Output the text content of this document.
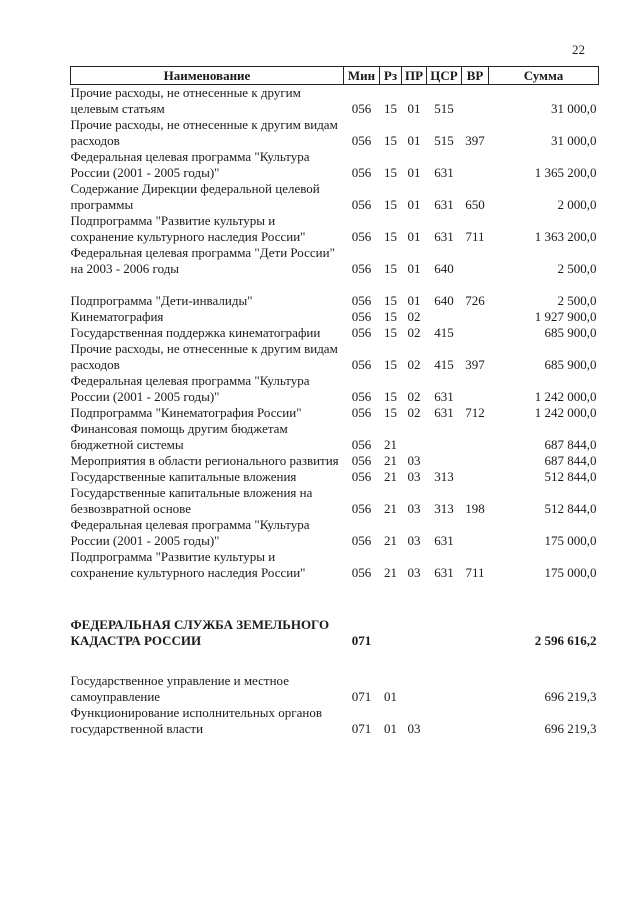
22
Наименование	Мин	Рз	ПР	ЦСР	ВР	Сумма

Прочие расходы, не отнесенные к другим целевым статьям	056	15	01	515		31 000,0

Прочие расходы, не отнесенные к другим видам расходов	056	15	01	515	397	31 000,0

Федеральная целевая программа "Культура России (2001 - 2005 годы)"	056	15	01	631		1 365 200,0

Содержание Дирекции федеральной целевой программы	056	15	01	631	650	2 000,0

Подпрограмма "Развитие культуры и сохранение культурного наследия России"	056	15	01	631	711	1 363 200,0

Федеральная целевая программа "Дети России" на 2003 - 2006 годы	056	15	01	640		2 500,0

Подпрограмма "Дети-инвалиды"	056	15	01	640	726	2 500,0

Кинематография	056	15	02			1 927 900,0

Государственная поддержка кинематографии	056	15	02	415		685 900,0

Прочие расходы, не отнесенные к другим видам расходов	056	15	02	415	397	685 900,0

Федеральная целевая программа "Культура России (2001 - 2005 годы)"	056	15	02	631		1 242 000,0

Подпрограмма "Кинематография России"	056	15	02	631	712	1 242 000,0

Финансовая помощь другим бюджетам бюджетной системы	056	21				687 844,0

Мероприятия в области регионального развития	056	21	03			687 844,0

Государственные капитальные вложения	056	21	03	313		512 844,0

Государственные капитальные вложения на безвозвратной основе	056	21	03	313	198	512 844,0

Федеральная целевая программа "Культура России (2001 - 2005 годы)"	056	21	03	631		175 000,0

Подпрограмма "Развитие культуры и сохранение культурного наследия России"	056	21	03	631	711	175 000,0

ФЕДЕРАЛЬНАЯ СЛУЖБА ЗЕМЕЛЬНОГО КАДАСТРА РОССИИ	071					2 596 616,2

Государственное управление и местное самоуправление	071	01				696 219,3

Функционирование исполнительных органов государственной власти	071	01	03			696 219,3
